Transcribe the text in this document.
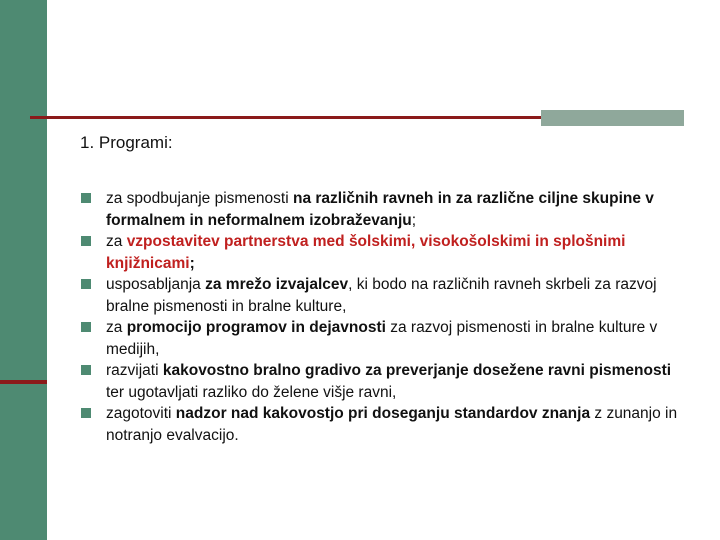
1. Programi:
za spodbujanje pismenosti na različnih ravneh in za različne ciljne skupine v formalnem in neformalnem izobraževanju;
za vzpostavitev partnerstva med šolskimi, visokošolskimi in splošnimi knjižnicami;
usposabljanja za mrežo izvajalcev, ki bodo na različnih ravneh skrbeli za razvoj bralne pismenosti in bralne kulture,
za promocijo programov in dejavnosti za razvoj pismenosti in bralne kulture v medijih,
razvijati kakovostno bralno gradivo za preverjanje dosežene ravni pismenosti ter ugotavljati razliko do želene višje ravni,
zagotoviti nadzor nad kakovostjo pri doseganju standardov znanja z zunanjo in notranjo evalvacijo.
